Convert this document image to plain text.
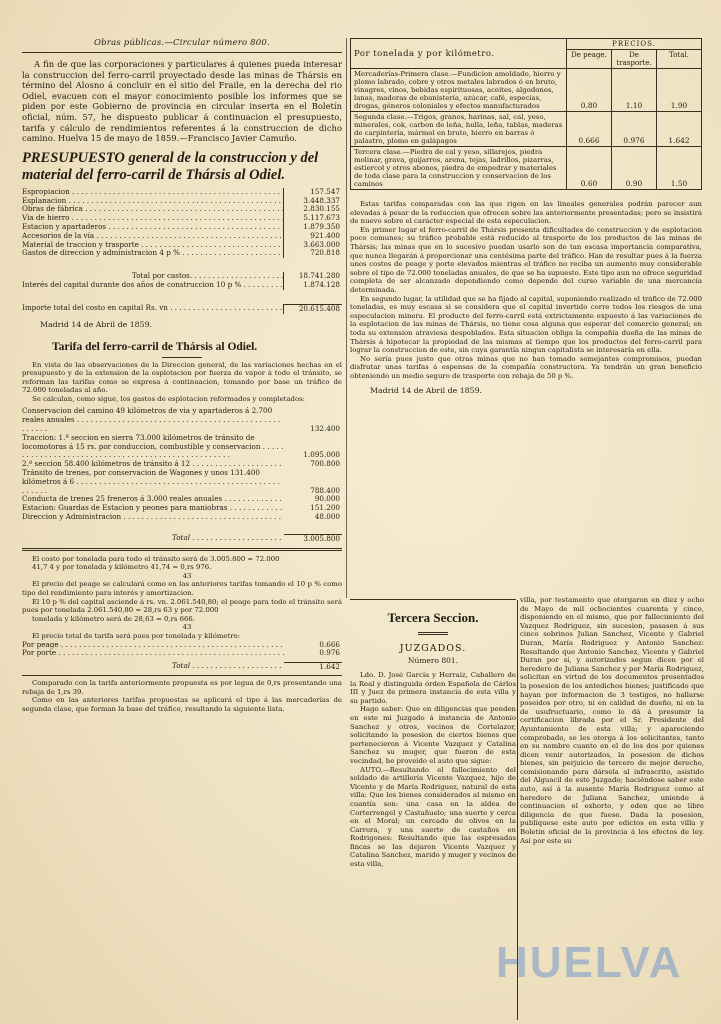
Obras públicas.—Circular número 800.

A fin de que las corporaciones y particulares á quienes pueda interesar la construccion del ferro-carril proyectado desde las minas de Thársis en término del Alosno á concluir en el sitio del Fraile, en la derecha del rio Odiel, evacuen con el mayor conocimiento posible los informes que se piden por este Gobierno de provincia en circular inserta en el Boletín oficial, núm. 57, he dispuesto publicar á continuacion el presupuesto, tarifa y cálculo de rendimientos referentes á la construccion de dicho camino. Huelva 15 de mayo de 1859.—Francisco Javier Camuño.

PRESUPUESTO general de la construccion y del material del ferro-carril de Thársis al Odiel.
Espropiacion . . .	157.547
Esplanacion . . .	3.448.337
Obras de fábrica . . .	2.830.155
Via de hierro . . .	5.117.673
Estacion y apartaderos . . .	1.879.350
Accesorios de la vía . . .	921.400
Material de traccion y trasporte . . .	3.663.000
Gastos de direccion y administracion 4 p % . . .	720.818
Total por castos. . . .	18.741.280
Interés del capital durante dos años de construccion 10 p % . . .	1.874.128
Importe total del costo en capital Rs. vn . . .	20.615.408
Madrid 14 de Abril de 1859.
Tarifa del ferro-carril de Thársis al Odiel.

En vista de las observaciones de la Direccion general, de las variaciones hechas en el presupuesto y de la extension de la esplotacion por fuerza de vapor á todo el tránsito, se reforman las tarifas como se expresa á continuacion, tomando por base un tráfico de 72.000 toneladas al año.

Se calculan, como sigue, los gastos de esplotacion reformados y completados:

Conservacion del camino 49 kilómetros de via y apartaderos á 2.700 reales anuales . . .
132.400
Traccion: 1.ª seccion en sierra 73.000 kilómetros de tránsito de locomotoras á 15 rs. por conduccion, combustible y conservacion . . .
1.095.000
2.ª seccion 58.400 kilómetros de tránsito á 12 . . .	700.800
Tránsito de trenes, por conservacion de Wagones y unos 131.400 kilómetros á 6 . . .
788.400
Conducta de trenes 25 freneros á 3.000 reales anuales . . .	90.000
Estacion: Guardas de Estacion y peones para maniobras . . .	151.200
Direccion y Administracion . . .	48.000
Total . . .	3.005.800

El costo por tonelada para todo el tránsito será de 3.005.800 = 72.000

41,7 4 y por tonelada y kilómetro 41,74 = 0,rs 976.

43

El precio del peage se calculará como en las anteriores tarifas tomando el 10 p % como tipo del rendimiento para interés y amortizacion.

El 10 p % del capital asciende á rs. vn. 2.061.540,80; el peage para todo el tránsito será pues por tonelada 2.061.540,80 = 28,rs 63 y por 72.000

tonelada y kilómetro será de 28,63 = 0,rs 666.

43

El precio total de tarifa será pues por tonelada y kilómetro:

Por peage . . .	0.666
Por porte . . .	0.976
Total . . .	1.642

Comparado con la tarifa anteriormente propuesta es por legua de 0,rs presentando una rebaja de 1,rs 39.

Como en las anteriores tarifas propuestas se aplicará el tipo á las mercaderías de segunda clase, que forman la base del tráfico, resultando la siguiente lista.

Por tonelada y por kilómetro.	PRECIOS.		
	De peage.	De trasporte.	Total.
Mercaderías-Primera clase.—Fundicion amoldado, hierro y plomo labrado, cobre y otros metales labrados ó en bruto, vinagres, vinos, bebidas espirituosas, aceites, algodones, lanas, maderas de ebanistería, azúcar, café, especias, drogas, géneros coloniales y efectos manufacturados	0.80	1.10	1.90
Segunda clase.—Trigos, granos, harinas, sal, cal, yeso, minerales, cok, carbon de leña, hulla, leña, tablas, maderas de carpintería, mármol en bruto, hierro en barras ó palastro, plomo en galápagos	0.666	0.976	1.642
Tercera clase.—Piedra de cal y yeso, sillarejos, piedra molinar, grava, guijarros, arena, tejas, ladrillos, pizarras, estiercol y otros abonos, piedra de empedrar y materiales de toda clase para la construccion y conservacion de los caminos	0.60	0.90	1.50

Estas tarifas comparadas con las que rigen en las lineales generales podrán parecer aun elevadas á pesar de la reduccion que ofrecen sobre las anteriormente presentadas; pero se insistirá de nuevo sobre el carácter especial de esta especulacion.

En primer lugar el ferro-carril de Thársis presenta dificultades de construccion y de esplotacion poco comunes; su tráfico probable está reducido al trasporte de los productos de las minas de Thársis; las minas que en lo sucesivo puedan usarlo son de tan escasa importancia comparativa, que nunca llegarán á proporcionar una centésima parte del tráfico. Han de resultar pues á la fuerza unos costos de peage y porte elevados mientras el tráfico no reciba un aumento muy considerable sobre el tipo de 72.000 toneladas anuales, de que se ha supuesto. Este tipo aun no ofrece seguridad completa de ser alcanzado dependiendo como depende del curso variable de una mercancía determinada.

En segundo lugar, la utilidad que se ha fijado al capital, suponiendo realizado el tráfico de 72.000 toneladas, es muy escasa si se considera que el capital invertido corre todos los riesgos de una especulacion minera. El producto del ferro-carril está extrictamente expuesto á las variaciones de la esplotacion de las minas de Thársis, no tiene cosa alguna que esperar del comercio general; en toda su extension atraviesa despoblados. Esta situacion obliga la compañía dueña de las minas de Thársis á hipotecar la propiedad de las mismas al tiempo que los productos del ferro-carril para lograr la construccion de este, sin cuya garantía ningun capitalista se interesaría en ella.

No sería pues justo que otras minas que no han tomado semejantes compromisos, puedan disfrutar unas tarifas á espensas de la compañía constructora. Ya tendrán un gran beneficio obteniendo un medio seguro de trasporte con rebaja de 50 p %.

Madrid 14 de Abril de 1859.
Tercera Seccion.
JUZGADOS.
Número 801.

Ldo. D. José García y Herraiz, Caballero de la Real y distinguida órden Española de Cárlos III y Juez de primera instancia de esta villa y su partido.

Hago saber: Que en diligencias que penden en este mi Juzgado á instancia de Antonio Sanchez y otros, vecinos de Cortelazor, solicitando la posesion de ciertos bienes que pertenecieron á Vicente Vazquez y Catalina Sanchez su muger, que fueron de esta vecindad, he proveido el auto que sigue:

AUTO.—Resultando el fallecimiento del soldado de artillería Vicente Vazquez, hijo de Vicente y de María Rodriguez, natural de esta villa: Que los bienes considerados al mismo en cuantía son: una casa en la aldea de Corterrengel y Castañuelo; una suerte y cerca en el Moral; un cercado de olivos en la Carrera, y una suerte de castaños en Rodrigones: Resultando que las espresadas fincas se las dejaron Vicente Vazquez y Catalina Sanchez, marido y muger y vecinos de esta villa,

villa, por testamento que otorgaron en diez y ocho de Mayo de mil ochocientos cuarenta y cinco, disponiendo en el mismo, que por fallecimiento del Vazquez Rodriguez, sin sucesion, pasasen á sus cinco sobrinos Julian Sanchez, Vicente y Gabriel Duran, María Rodriguez y Antonio Sanchez: Resultando que Antonio Sanchez, Vicente y Gabriel Duran por sí, y autorizados segun dicen por el heredero de Juliana Sanchez y por María Rodriguez, solicitan en virtud de los documentos presentados la posesion de los antedichos bienes; justificado que hayan por informacion de 3 testigos, no hallarse poseidos por otro, ni en calidad de dueño, ni en la de usufructuario, como lo dá á presumir la certificacion librada por el Sr. Presidente del Ayuntamiento de esta villa; y apareciendo comprobado, se les otorga á los solicitantes, tanto en su nombre cuanto en el de los dos por quienes dicen venir autorizados, la posesion de dichos bienes, sin perjuicio de tercero de mejor derecho, comisionando para dársela al infrascrito, asistido del Alguacil de este Juzgado; haciéndose saber este auto, así á la ausente María Rodriguez como al heredero de Juliana Sanchez, uniendo á continuacion el exhorto, y eden que se libre diligencia de que fuese. Dada la posesion, publíquese este auto por edictos en esta villa y Boletin oficial de la provincia á los efectos de ley. Así por este su

HUELVA
